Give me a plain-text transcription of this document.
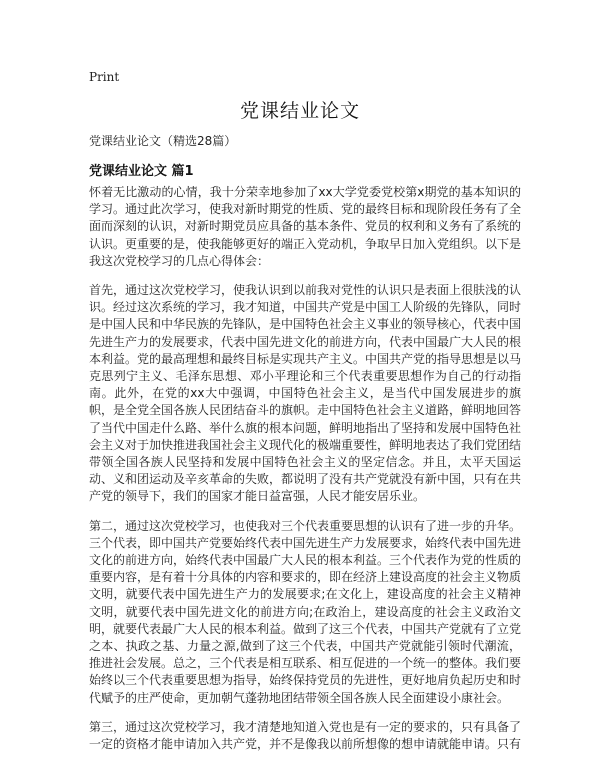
Print
党课结业论文
党课结业论文（精选28篇）
党课结业论文 篇1

怀着无比激动的心情，我十分荣幸地参加了xx大学党委党校第x期党的基本知识的学习。通过此次学习，使我对新时期党的性质、党的最终目标和现阶段任务有了全面而深刻的认识，对新时期党员应具备的基本条件、党员的权利和义务有了系统的认识。更重要的是，使我能够更好的端正入党动机，争取早日加入党组织。以下是我这次党校学习的几点心得体会：

首先，通过这次党校学习，使我认识到以前我对党性的认识只是表面上很肤浅的认识。经过这次系统的学习，我才知道，中国共产党是中国工人阶级的先锋队，同时是中国人民和中华民族的先锋队，是中国特色社会主义事业的领导核心，代表中国先进生产力的发展要求，代表中国先进文化的前进方向，代表中国最广大人民的根本利益。党的最高理想和最终目标是实现共产主义。中国共产党的指导思想是以马克思列宁主义、毛泽东思想、邓小平理论和三个代表重要思想作为自己的行动指南。此外，在党的xx大中强调，中国特色社会主义，是当代中国发展进步的旗帜，是全党全国各族人民团结奋斗的旗帜。走中国特色社会主义道路，鲜明地回答了当代中国走什么路、举什么旗的根本问题，鲜明地指出了坚持和发展中国特色社会主义对于加快推进我国社会主义现代化的极端重要性，鲜明地表达了我们党团结带领全国各族人民坚持和发展中国特色社会主义的坚定信念。并且，太平天国运动、义和团运动及辛亥革命的失败，都说明了没有共产党就没有新中国，只有在共产党的领导下，我们的国家才能日益富强，人民才能安居乐业。

第二，通过这次党校学习，也使我对三个代表重要思想的认识有了进一步的升华。三个代表，即中国共产党要始终代表中国先进生产力发展要求，始终代表中国先进文化的前进方向，始终代表中国最广大人民的根本利益。三个代表作为党的性质的重要内容，是有着十分具体的内容和要求的，即在经济上建设高度的社会主义物质文明，就要代表中国先进生产力的发展要求;在文化上，建设高度的社会主义精神文明，就要代表中国先进文化的前进方向;在政治上，建设高度的社会主义政治文明，就要代表最广大人民的根本利益。做到了这三个代表，中国共产党就有了立党之本、执政之基、力量之源,做到了这三个代表，中国共产党就能引领时代潮流，推进社会发展。总之，三个代表是相互联系、相互促进的一个统一的整体。我们要始终以三个代表重要思想为指导，始终保持党员的先进性，更好地肩负起历史和时代赋予的庄严使命，更加朝气蓬勃地团结带领全国各族人民全面建设小康社会。

第三，通过这次党校学习，我才清楚地知道入党也是有一定的要求的，只有具备了一定的资格才能申请加入共产党，并不是像我以前所想像的想申请就能申请。只有
